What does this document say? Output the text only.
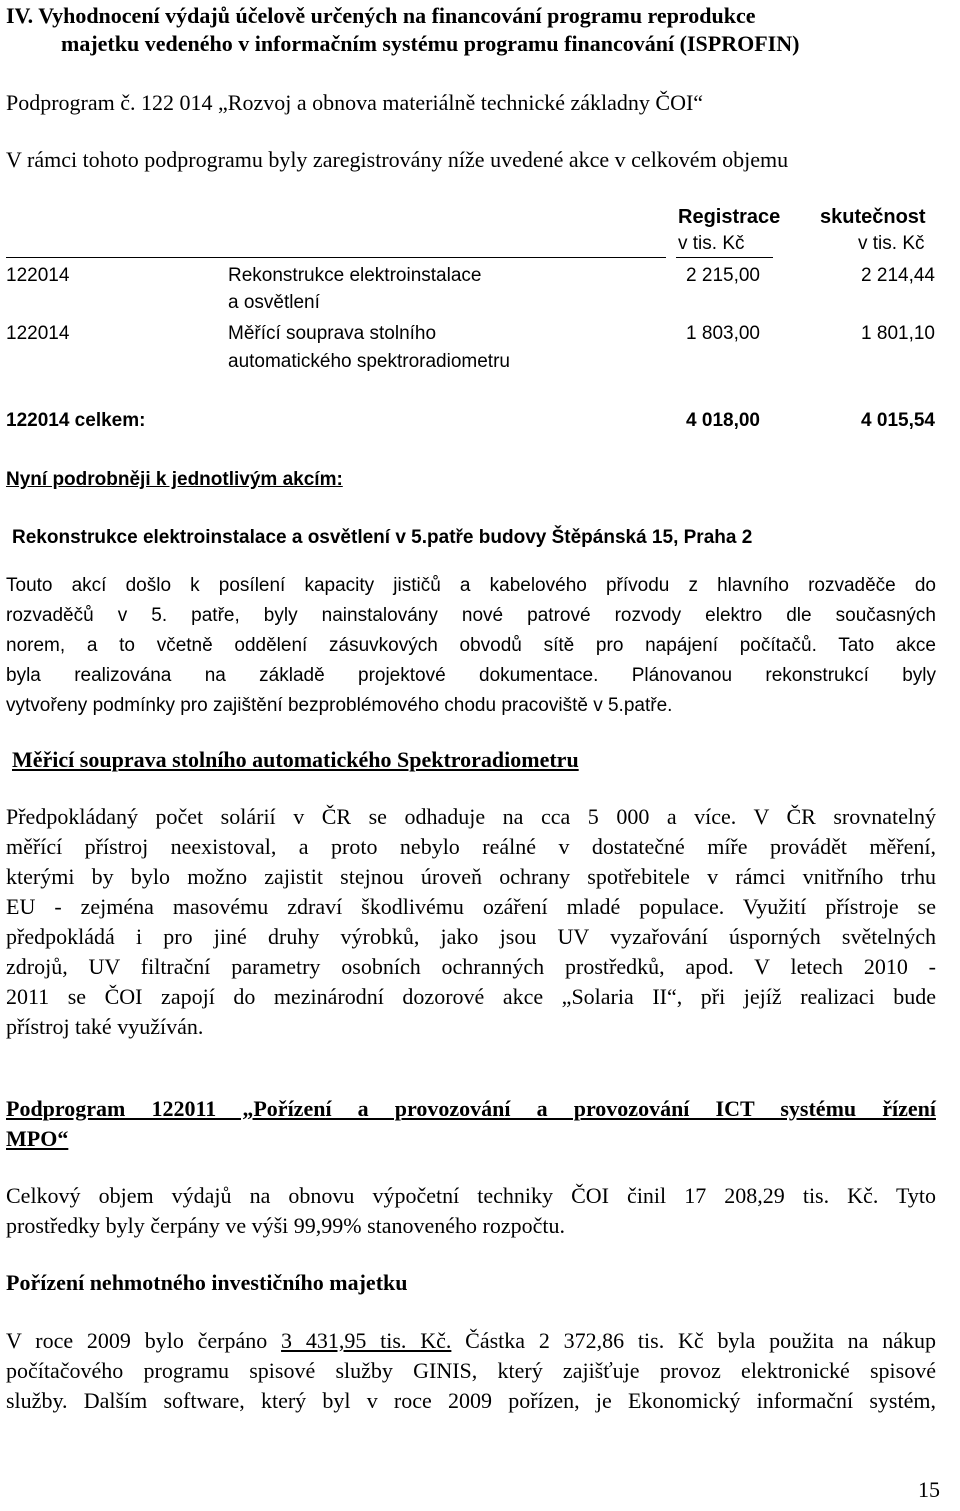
IV. Vyhodnocení výdajů účelově určených na financování programu reprodukce
majetku vedeného v informačním systému programu financování (ISPROFIN)
Podprogram č. 122 014 „Rozvoj a obnova materiálně technické základny ČOI“
V rámci tohoto podprogramu byly zaregistrovány níže uvedené akce v celkovém objemu
Registrace skutečnost
v tis. Kč	v tis. Kč
122014	Rekonstrukce elektroinstalace
a osvětlení
2 215,00	2 214,44
122014	Měřící souprava stolního
automatického spektroradiometru
1 803,00	1 801,10
122014 celkem:	4 018,00	4 015,54
Nyní podrobněji k jednotlivým akcím:
Rekonstrukce elektroinstalace a osvětlení v 5.patře budovy Štěpánská 15, Praha 2
Touto akcí došlo k posílení kapacity jističů a kabelového přívodu z hlavního rozvaděče do
rozvaděčů v 5. patře, byly nainstalovány nové patrové rozvody elektro dle současných
norem, a to včetně oddělení zásuvkových obvodů sítě pro napájení počítačů. Tato akce
byla realizována na základě projektové dokumentace. Plánovanou rekonstrukcí byly
vytvořeny podmínky pro zajištění bezproblémového chodu pracoviště v 5.patře.
Měřicí souprava stolního automatického Spektroradiometru
Předpokládaný počet solárií v ČR se odhaduje na cca 5 000 a více. V ČR srovnatelný
měřící přístroj neexistoval, a proto nebylo reálné v dostatečné míře provádět měření,
kterými by bylo možno zajistit stejnou úroveň ochrany spotřebitele v rámci vnitřního trhu
EU - zejména masovému zdraví škodlivému ozáření mladé populace. Využití přístroje se
předpokládá i pro jiné druhy výrobků, jako jsou UV vyzařování úsporných světelných
zdrojů, UV filtrační parametry osobních ochranných prostředků, apod. V letech 2010 -
2011 se ČOI zapojí do mezinárodní dozorové akce „Solaria II“, při jejíž realizaci bude
přístroj také využíván.
Podprogram 122011 „Pořízení a provozování a provozování ICT systému řízení
MPO“
Celkový objem výdajů na obnovu výpočetní techniky ČOI činil 17 208,29 tis. Kč. Tyto
prostředky byly čerpány ve výši 99,99% stanoveného rozpočtu.
Pořízení nehmotného investičního majetku
V roce 2009 bylo čerpáno 3 431,95 tis. Kč. Částka 2 372,86 tis. Kč byla použita na nákup
počítačového programu spisové služby GINIS, který zajišťuje provoz elektronické spisové
služby. Dalším software, který byl v roce 2009 pořízen, je Ekonomický informační systém,
15
